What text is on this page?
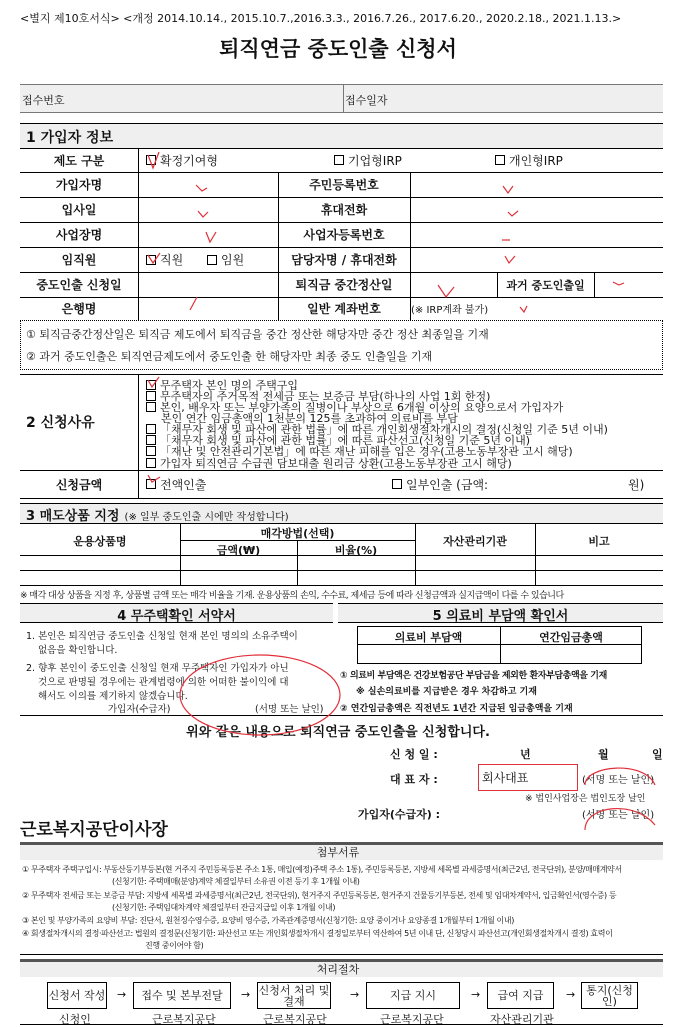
<별지 제10호서식> <개정 2014.10.14., 2015.10.7.,2016.3.3., 2016.7.26., 2017.6.20., 2020.2.18., 2021.1.13.>
퇴직연금 중도인출 신청서
접수번호	접수일자
1 가입자 정보
제도 구분	확정기여형	기업형IRP	개인형IRP
가입자명	주민등록번호
입사일	휴대전화
사업장명	사업자등록번호
임직원	직원	임원	담당자명 / 휴대전화
중도인출 신청일	퇴직금 중간정산일	과거 중도인출일
은행명	일반 계좌번호	(※ IRP계좌 불가)
① 퇴직금중간정산일은 퇴직금 제도에서 퇴직금을 중간 정산한 해당자만 중간 정산 최종일을 기재
② 과거 중도인출은 퇴직연금제도에서 중도인출 한 해당자만 최종 중도 인출일을 기재
2 신청사유
무주택자 본인 명의 주택구입
무주택자의 주거목적 전세금 또는 보증금 부담(하나의 사업 1회 한정)
본인, 배우자 또는 부양가족의 질병이나 부상으로 6개월 이상의 요양으로서 가입자가
본인 연간 임금총액의 1천분의 125를 초과하여 의료비를 부담
「채무자 회생 및 파산에 관한 법률」에 따른 개인회생절차개시의 결정(신청일 기준 5년 이내)
「채무자 회생 및 파산에 관한 법률」에 따른 파산선고(신청일 기준 5년 이내)
「재난 및 안전관리기본법」에 따른 재난 피해를 입은 경우(고용노동부장관 고시 해당)
가입자 퇴직연금 수급권 담보대출 원리금 상환(고용노동부장관 고시 해당)
신청금액	전액인출	일부인출 (금액:	원)
3 매도상품 지정 (※ 일부 중도인출 시에만 작성합니다)
운용상품명
매각방법(선택)
금액(₩)	비율(%)
자산관리기관	비고
※ 매각 대상 상품을 지정 후, 상품별 금액 또는 매각 비율을 기재. 운용상품의 손익, 수수료, 제세금 등에 따라 신청금액과 실지급액이 다를 수 있습니다
4 무주택확인 서약서	5 의료비 부담액 확인서
1. 본인은 퇴직연금 중도인출 신청일 현재 본인 명의의 소유주택이
없음을 확인합니다.
2. 향후 본인이 중도인출 신청일 현재 무주택자인 가입자가 아닌
것으로 판명될 경우에는 관계법령에 의한 어떠한 불이익에 대
해서도 이의를 제기하지 않겠습니다.
가입자(수급자)	(서명 또는 날인)
의료비 부담액	연간임금총액
① 의료비 부담액은 건강보험공단 부담금을 제외한 환자부담총액을 기재
※ 실손의료비를 지급받은 경우 차감하고 기재
② 연간임금총액은 직전년도 1년간 지급된 임금총액을 기재
위와 같은 내용으로 퇴직연금 중도인출을 신청합니다.
신 청 일 :	년	월	일
대 표 자 :	회사대표	(서명 또는 날인)
※ 법인사업장은 법인도장 날인
가입자(수급자) :	(서명 또는 날인)
근로복지공단이사장
첨부서류
① 무주택자 주택구입시: 부동산등기부등본(현 거주지 주민등록등본 주소 1통, 매입(예정)주택 주소 1통), 주민등록등본, 지방세 세목별 과세증명서(최근2년, 전국단위), 분양/매매계약서
(신청기한: 주택매매(분양)계약 체결일부터 소유권 이전 등기 후 1개월 이내)
② 무주택자 전세금 또는 보증금 부담: 지방세 세목별 과세증명서(최근2년, 전국단위), 현거주지 주민등록등본, 현거주지 건물등기부등본, 전세 및 임대차계약서, 입금확인서(영수증) 등
(신청기한: 주택임대차계약 체결일부터 잔금지급일 이후 1개월 이내)
③ 본인 및 부양가족의 요양비 부담: 진단서, 원천징수영수증, 요양비 영수증, 가족관계증명서(신청기한: 요양 중이거나 요양종결 1개월부터 1개월 이내)
④ 회생절차개시의 결정·파산선고: 법원의 결정문(신청기한: 파산선고 또는 개인회생절차개시 결정일로부터 역산하여 5년 이내 단, 신청당시 파산선고(개인회생절차개시 결정) 효력이
진행 중이어야 함)
처리절차
신청서 작성	접수 및 본부전달	신청서 처리 및 결재	지급 지시	급여 지급	통지(신청인)
→	→	→	→	→
신청인	근로복지공단	근로복지공단	근로복지공단	자산관리기관
